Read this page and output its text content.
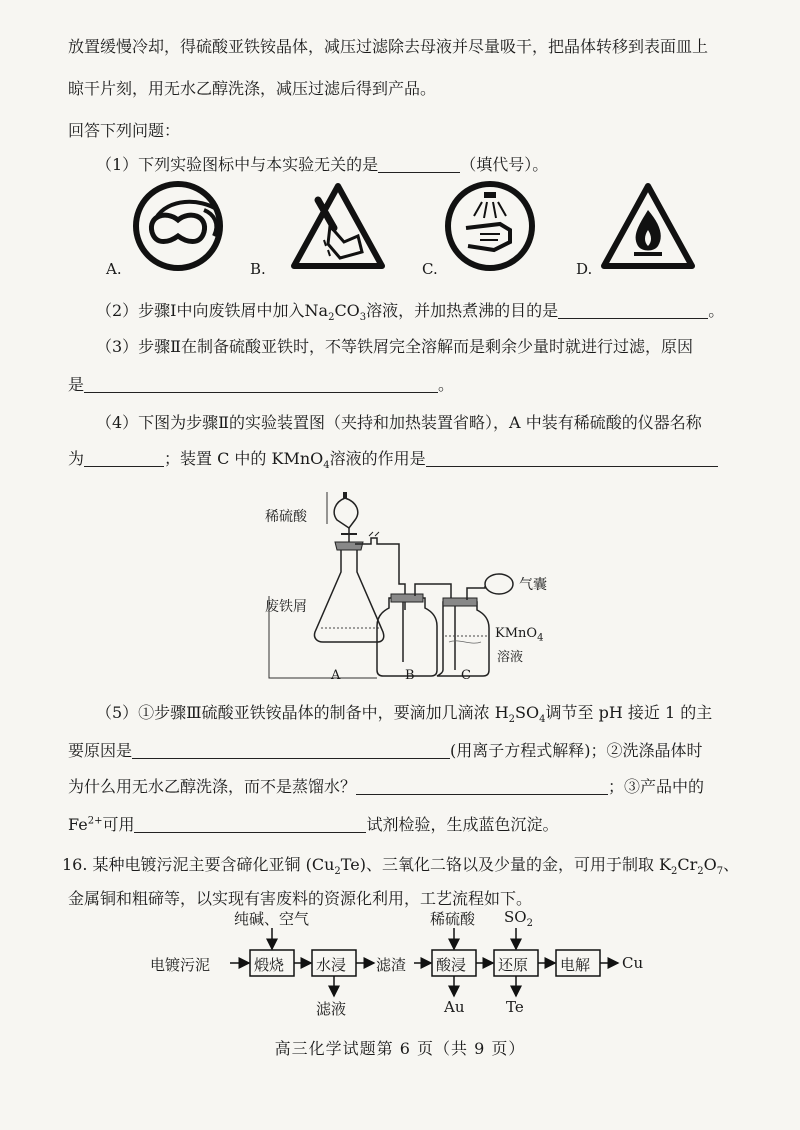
放置缓慢冷却，得硫酸亚铁铵晶体，减压过滤除去母液并尽量吸干，把晶体转移到表面皿上
晾干片刻，用无水乙醇洗涤，减压过滤后得到产品。
回答下列问题：
（1）下列实验图标中与本实验无关的是	（填代号）。
A.	B.	C.	D.
（2）步骤Ⅰ中向废铁屑中加入$Na_2CO_3$溶液，并加热煮沸的目的是	。
（3）步骤Ⅱ在制备硫酸亚铁时，不等铁屑完全溶解而是剩余少量时就进行过滤，原因
是	。
（4）下图为步骤Ⅱ的实验装置图（夹持和加热装置省略），A 中装有稀硫酸的仪器名称
为	；装置 C 中的 KMnO$_4$溶液的作用是
稀硫酸
废铁屑
气囊
KMnO$_4$
溶液
A	B	C
（5）①步骤Ⅲ硫酸亚铁铵晶体的制备中，要滴加几滴浓 $H_2SO_4$调节至 pH 接近 1 的主
要原因是	(用离子方程式解释)；②洗涤晶体时
为什么用无水乙醇洗涤，而不是蒸馏水？	；③产品中的
$Fe^{2+}$可用	试剂检验，生成蓝色沉淀。
16. 某种电镀污泥主要含碲化亚铜 $(Cu_2Te)$、三氧化二铬以及少量的金，可用于制取 $K_2Cr_2O_7$、
金属铜和粗碲等，以实现有害废料的资源化利用，工艺流程如下。
纯碱、空气	稀硫酸 $SO_2$
电镀污泥	煅烧 水浸 滤渣 酸浸 还原 电解 Cu
滤液	Au	Te
高三化学试题第 6 页（共 9 页）
